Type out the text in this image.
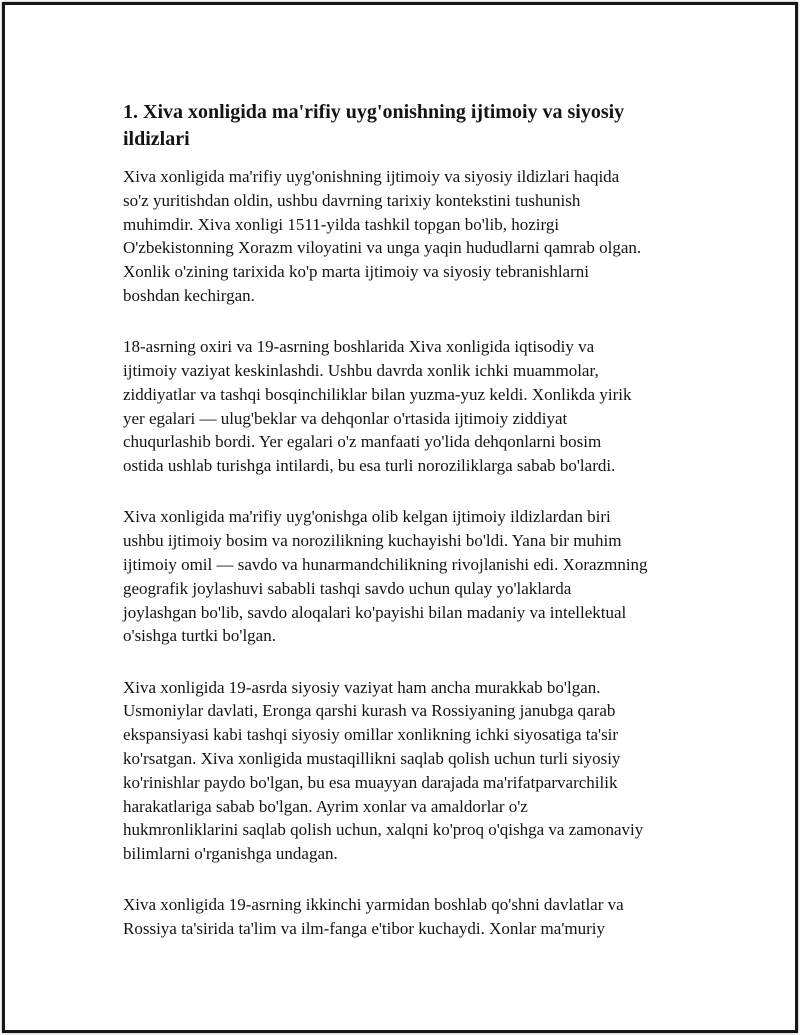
1. Xiva xonligida ma'rifiy uyg'onishning ijtimoiy va siyosiy
ildizlari

Xiva xonligida ma'rifiy uyg'onishning ijtimoiy va siyosiy ildizlari haqida
so'z yuritishdan oldin, ushbu davrning tarixiy kontekstini tushunish
muhimdir. Xiva xonligi 1511-yilda tashkil topgan bo'lib, hozirgi
O'zbekistonning Xorazm viloyatini va unga yaqin hududlarni qamrab olgan.
Xonlik o'zining tarixida ko'p marta ijtimoiy va siyosiy tebranishlarni
boshdan kechirgan.

18-asrning oxiri va 19-asrning boshlarida Xiva xonligida iqtisodiy va
ijtimoiy vaziyat keskinlashdi. Ushbu davrda xonlik ichki muammolar,
ziddiyatlar va tashqi bosqinchiliklar bilan yuzma-yuz keldi. Xonlikda yirik
yer egalari — ulug'beklar va dehqonlar o'rtasida ijtimoiy ziddiyat
chuqurlashib bordi. Yer egalari o'z manfaati yo'lida dehqonlarni bosim
ostida ushlab turishga intilardi, bu esa turli noroziliklarga sabab bo'lardi.

Xiva xonligida ma'rifiy uyg'onishga olib kelgan ijtimoiy ildizlardan biri
ushbu ijtimoiy bosim va norozilikning kuchayishi bo'ldi. Yana bir muhim
ijtimoiy omil — savdo va hunarmandchilikning rivojlanishi edi. Xorazmning
geografik joylashuvi sababli tashqi savdo uchun qulay yo'laklarda
joylashgan bo'lib, savdo aloqalari ko'payishi bilan madaniy va intellektual
o'sishga turtki bo'lgan.

Xiva xonligida 19-asrda siyosiy vaziyat ham ancha murakkab bo'lgan.
Usmoniylar davlati, Eronga qarshi kurash va Rossiyaning janubga qarab
ekspansiyasi kabi tashqi siyosiy omillar xonlikning ichki siyosatiga ta'sir
ko'rsatgan. Xiva xonligida mustaqillikni saqlab qolish uchun turli siyosiy
ko'rinishlar paydo bo'lgan, bu esa muayyan darajada ma'rifatparvarchilik
harakatlariga sabab bo'lgan. Ayrim xonlar va amaldorlar o'z
hukmronliklarini saqlab qolish uchun, xalqni ko'proq o'qishga va zamonaviy
bilimlarni o'rganishga undagan.

Xiva xonligida 19-asrning ikkinchi yarmidan boshlab qo'shni davlatlar va
Rossiya ta'sirida ta'lim va ilm-fanga e'tibor kuchaydi. Xonlar ma'muriy
